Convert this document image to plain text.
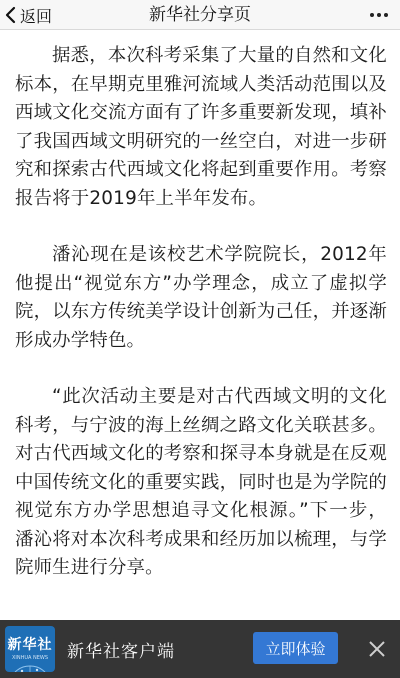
返回	新华社分享页

据悉，本次科考采集了大量的自然和文化标本，在早期克里雅河流域人类活动范围以及西域文化交流方面有了许多重要新发现，填补了我国西域文明研究的一丝空白，对进一步研究和探索古代西域文化将起到重要作用。考察报告将于2019年上半年发布。

潘沁现在是该校艺术学院院长，2012年他提出“视觉东方”办学理念，成立了虚拟学院，以东方传统美学设计创新为己任，并逐渐形成办学特色。

“此次活动主要是对古代西域文明的文化科考，与宁波的海上丝绸之路文化关联甚多。对古代西域文化的考察和探寻本身就是在反观中国传统文化的重要实践，同时也是为学院的视觉东方办学思想追寻文化根源。”下一步，潘沁将对本次科考成果和经历加以梳理，与学院师生进行分享。

新华社
XINHUA NEWS 新华社客户端	立即体验
